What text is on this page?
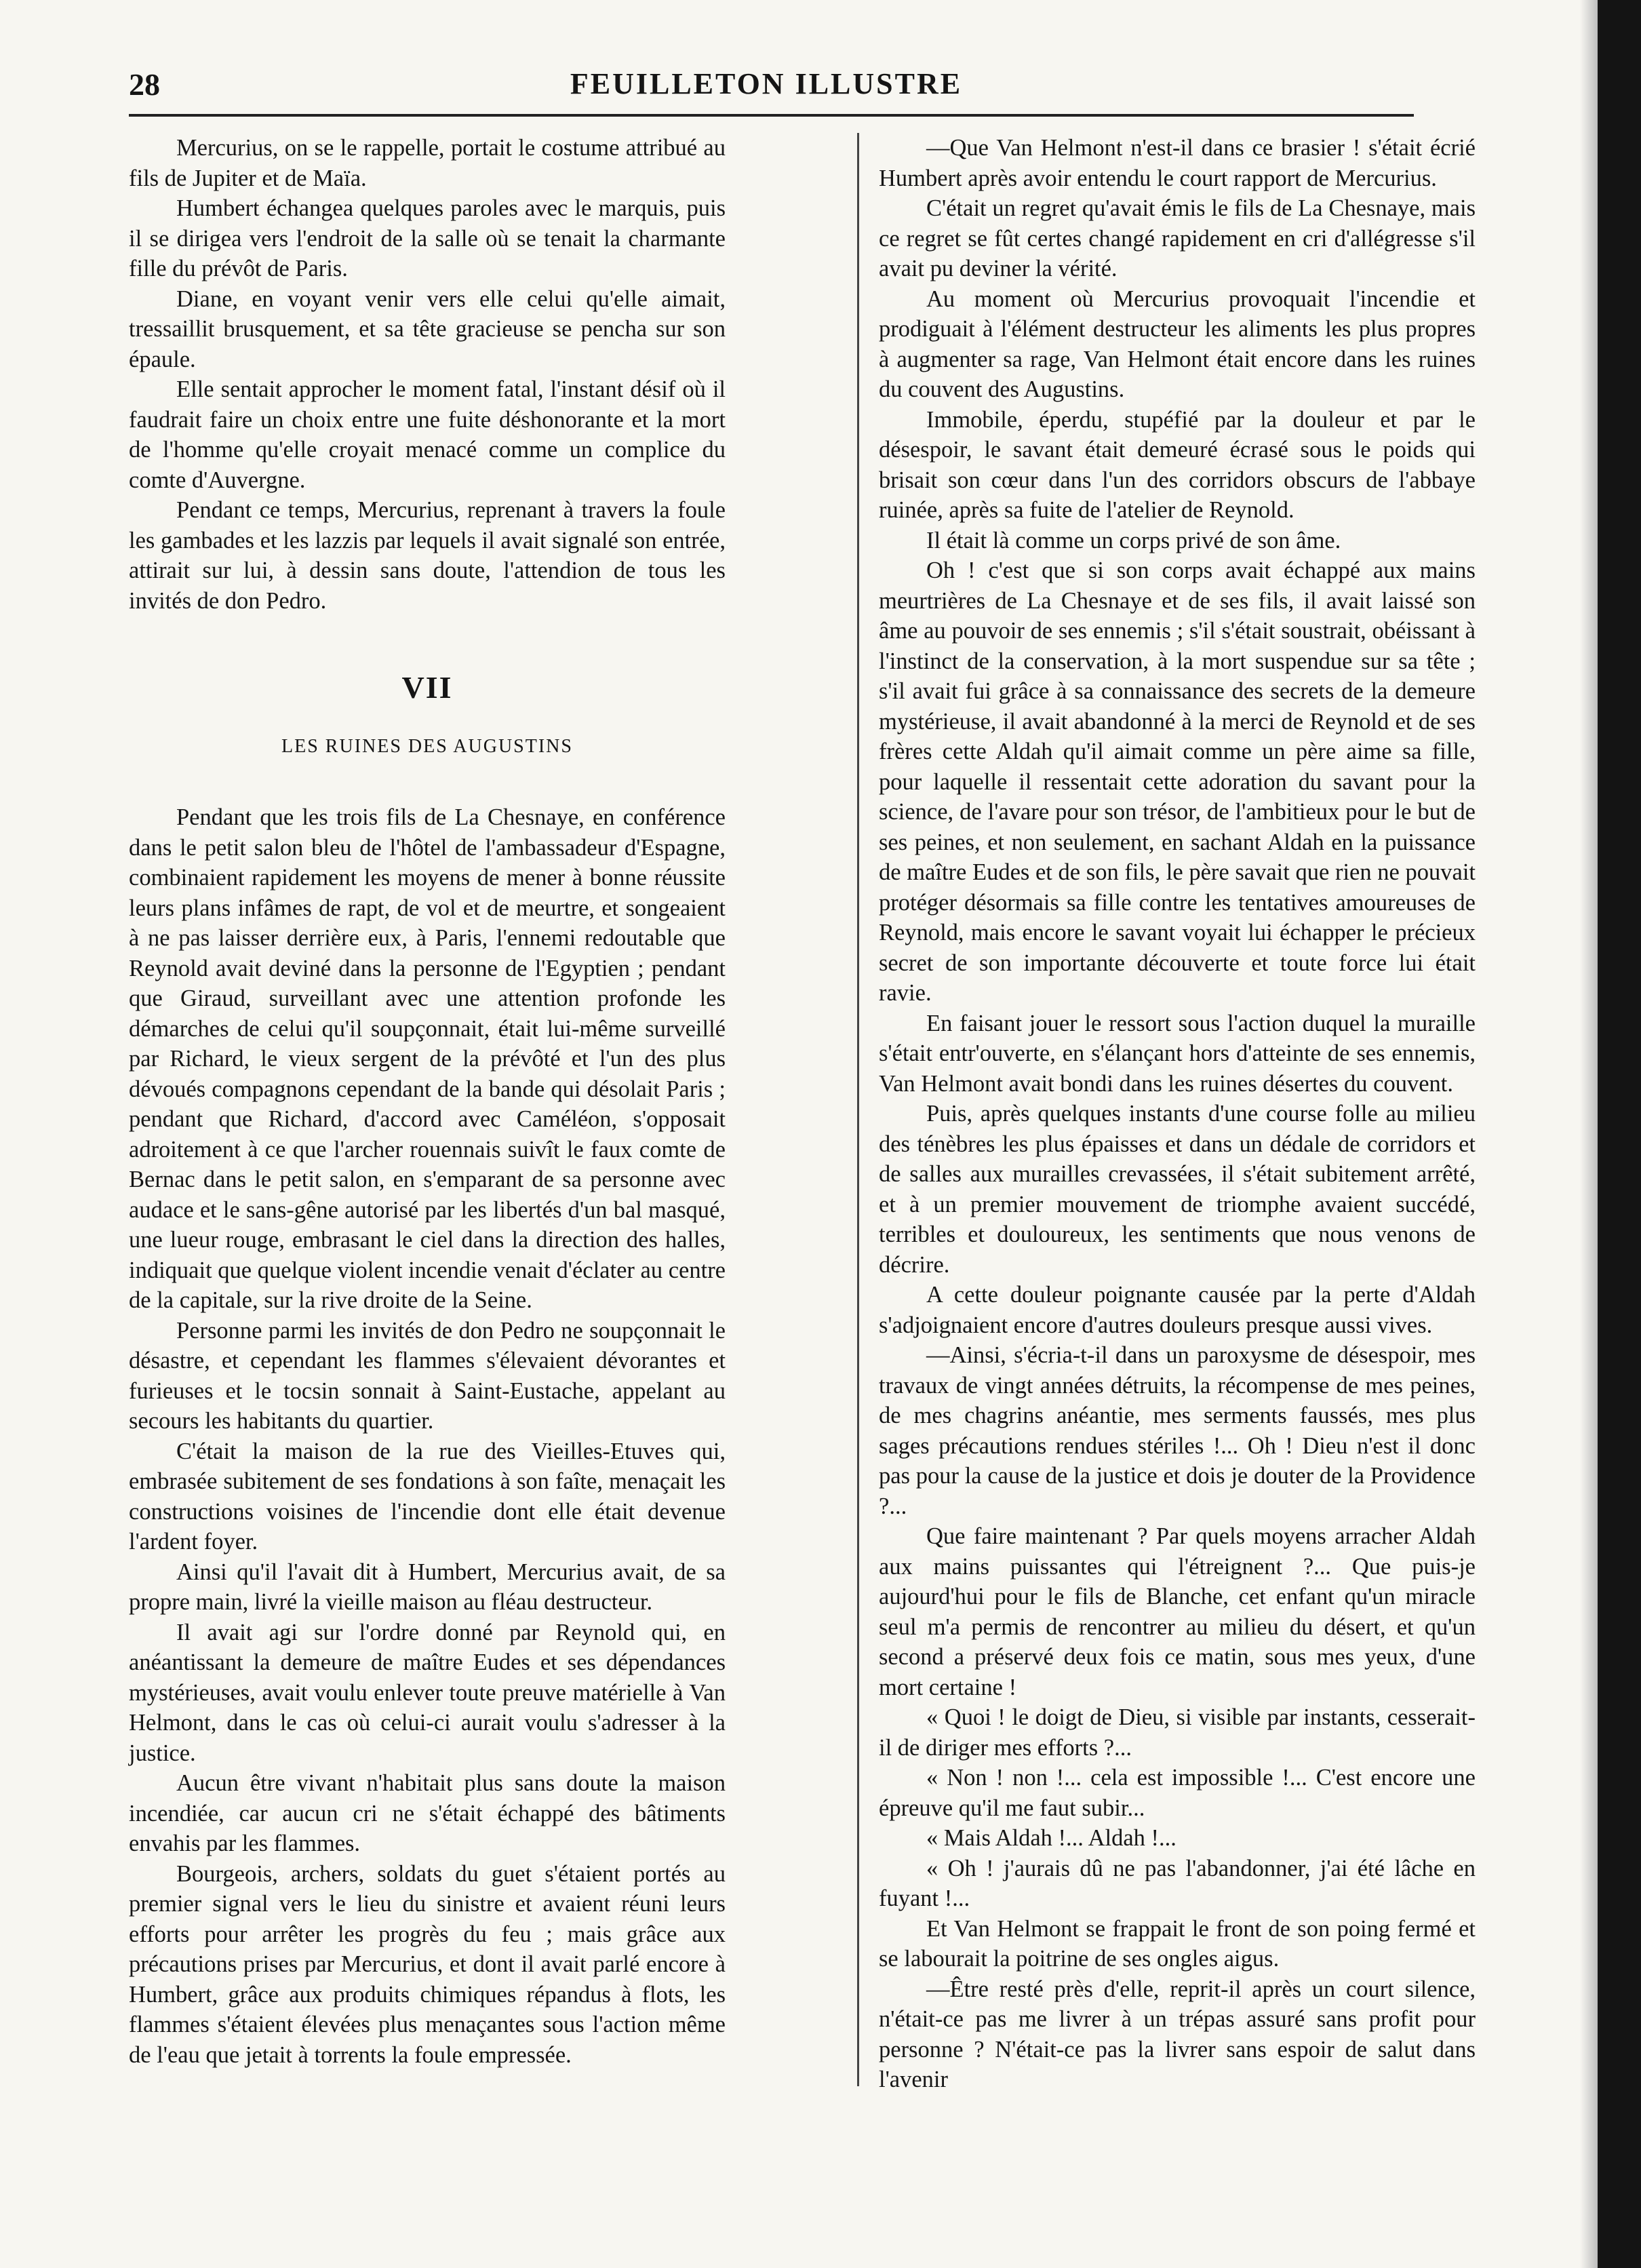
28	FEUILLETON ILLUSTRE

Mercurius, on se le rappelle, portait le costume attribué au fils de Jupiter et de Maïa.

Humbert échangea quelques paroles avec le marquis, puis il se dirigea vers l'endroit de la salle où se tenait la charmante fille du prévôt de Paris.

Diane, en voyant venir vers elle celui qu'elle aimait, tressaillit brusquement, et sa tête gracieuse se pencha sur son épaule.

Elle sentait approcher le moment fatal, l'instant désif où il faudrait faire un choix entre une fuite déshonorante et la mort de l'homme qu'elle croyait menacé comme un complice du comte d'Auvergne.

Pendant ce temps, Mercurius, reprenant à travers la foule les gambades et les lazzis par lequels il avait signalé son entrée, attirait sur lui, à dessin sans doute, l'attendion de tous les invités de don Pedro.

VII
LES RUINES DES AUGUSTINS

Pendant que les trois fils de La Chesnaye, en conférence dans le petit salon bleu de l'hôtel de l'ambassadeur d'Espagne, combinaient rapidement les moyens de mener à bonne réussite leurs plans infâmes de rapt, de vol et de meurtre, et songeaient à ne pas laisser derrière eux, à Paris, l'ennemi redoutable que Reynold avait deviné dans la personne de l'Egyptien ; pendant que Giraud, surveillant avec une attention profonde les démarches de celui qu'il soupçonnait, était lui-même surveillé par Richard, le vieux sergent de la prévôté et l'un des plus dévoués compagnons cependant de la bande qui désolait Paris ; pendant que Richard, d'accord avec Caméléon, s'opposait adroitement à ce que l'archer rouennais suivît le faux comte de Bernac dans le petit salon, en s'emparant de sa personne avec audace et le sans-gêne autorisé par les libertés d'un bal masqué, une lueur rouge, embrasant le ciel dans la direction des halles, indiquait que quelque violent incendie venait d'éclater au centre de la capitale, sur la rive droite de la Seine.

Personne parmi les invités de don Pedro ne soupçonnait le désastre, et cependant les flammes s'élevaient dévorantes et furieuses et le tocsin sonnait à Saint-Eustache, appelant au secours les habitants du quartier.

C'était la maison de la rue des Vieilles-Etuves qui, embrasée subitement de ses fondations à son faîte, menaçait les constructions voisines de l'incendie dont elle était devenue l'ardent foyer.

Ainsi qu'il l'avait dit à Humbert, Mercurius avait, de sa propre main, livré la vieille maison au fléau destructeur.

Il avait agi sur l'ordre donné par Reynold qui, en anéantissant la demeure de maître Eudes et ses dépendances mystérieuses, avait voulu enlever toute preuve matérielle à Van Helmont, dans le cas où celui-ci aurait voulu s'adresser à la justice.

Aucun être vivant n'habitait plus sans doute la maison incendiée, car aucun cri ne s'était échappé des bâtiments envahis par les flammes.

Bourgeois, archers, soldats du guet s'étaient portés au premier signal vers le lieu du sinistre et avaient réuni leurs efforts pour arrêter les progrès du feu ; mais grâce aux précautions prises par Mercurius, et dont il avait parlé encore à Humbert, grâce aux produits chimiques répandus à flots, les flammes s'étaient élevées plus menaçantes sous l'action même de l'eau que jetait à torrents la foule empressée.

—Que Van Helmont n'est-il dans ce brasier ! s'était écrié Humbert après avoir entendu le court rapport de Mercurius.

C'était un regret qu'avait émis le fils de La Chesnaye, mais ce regret se fût certes changé rapidement en cri d'allégresse s'il avait pu deviner la vérité.

Au moment où Mercurius provoquait l'incendie et prodiguait à l'élément destructeur les aliments les plus propres à augmenter sa rage, Van Helmont était encore dans les ruines du couvent des Augustins.

Immobile, éperdu, stupéfié par la douleur et par le désespoir, le savant était demeuré écrasé sous le poids qui brisait son cœur dans l'un des corridors obscurs de l'abbaye ruinée, après sa fuite de l'atelier de Reynold.

Il était là comme un corps privé de son âme.

Oh ! c'est que si son corps avait échappé aux mains meurtrières de La Chesnaye et de ses fils, il avait laissé son âme au pouvoir de ses ennemis ; s'il s'était soustrait, obéissant à l'instinct de la conservation, à la mort suspendue sur sa tête ; s'il avait fui grâce à sa connaissance des secrets de la demeure mystérieuse, il avait abandonné à la merci de Reynold et de ses frères cette Aldah qu'il aimait comme un père aime sa fille, pour laquelle il ressentait cette adoration du savant pour la science, de l'avare pour son trésor, de l'ambitieux pour le but de ses peines, et non seulement, en sachant Aldah en la puissance de maître Eudes et de son fils, le père savait que rien ne pouvait protéger désormais sa fille contre les tentatives amoureuses de Reynold, mais encore le savant voyait lui échapper le précieux secret de son importante découverte et toute force lui était ravie.

En faisant jouer le ressort sous l'action duquel la muraille s'était entr'ouverte, en s'élançant hors d'atteinte de ses ennemis, Van Helmont avait bondi dans les ruines désertes du couvent.

Puis, après quelques instants d'une course folle au milieu des ténèbres les plus épaisses et dans un dédale de corridors et de salles aux murailles crevassées, il s'était subitement arrêté, et à un premier mouvement de triomphe avaient succédé, terribles et douloureux, les sentiments que nous venons de décrire.

A cette douleur poignante causée par la perte d'Aldah s'adjoignaient encore d'autres douleurs presque aussi vives.

—Ainsi, s'écria-t-il dans un paroxysme de désespoir, mes travaux de vingt années détruits, la récompense de mes peines, de mes chagrins anéantie, mes serments faussés, mes plus sages précautions rendues stériles !... Oh ! Dieu n'est il donc pas pour la cause de la justice et dois je douter de la Providence ?...

Que faire maintenant ? Par quels moyens arracher Aldah aux mains puissantes qui l'étreignent ?... Que puis-je aujourd'hui pour le fils de Blanche, cet enfant qu'un miracle seul m'a permis de rencontrer au milieu du désert, et qu'un second a préservé deux fois ce matin, sous mes yeux, d'une mort certaine !

« Quoi ! le doigt de Dieu, si visible par instants, cesserait-il de diriger mes efforts ?...

« Non ! non !... cela est impossible !... C'est encore une épreuve qu'il me faut subir...

« Mais Aldah !... Aldah !...

« Oh ! j'aurais dû ne pas l'abandonner, j'ai été lâche en fuyant !...

Et Van Helmont se frappait le front de son poing fermé et se labourait la poitrine de ses ongles aigus.

—Être resté près d'elle, reprit-il après un court silence, n'était-ce pas me livrer à un trépas assuré sans profit pour personne ? N'était-ce pas la livrer sans espoir de salut dans l'avenir
